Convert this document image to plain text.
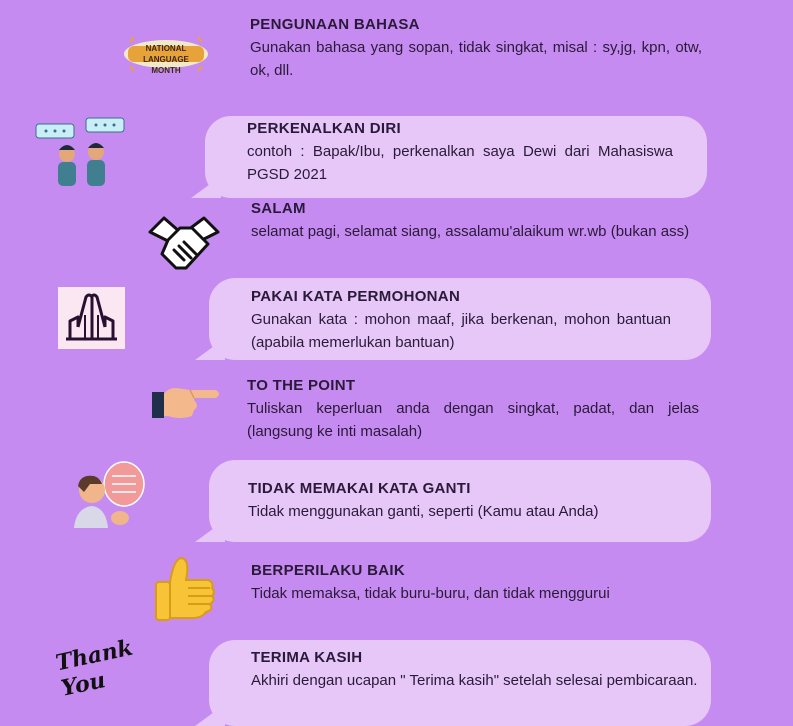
PENGUNAAN BAHASA
Gunakan bahasa yang sopan, tidak singkat, misal : sy,jg, kpn, otw, ok, dll.
NATIONAL LANGUAGE MONTH
PERKENALKAN DIRI
contoh : Bapak/Ibu, perkenalkan saya Dewi dari Mahasiswa PGSD 2021
SALAM
selamat pagi, selamat siang, assalamu'alaikum wr.wb (bukan ass)
PAKAI KATA PERMOHONAN
Gunakan kata : mohon maaf, jika berkenan, mohon bantuan (apabila memerlukan bantuan)
TO THE POINT
Tuliskan keperluan anda dengan singkat, padat, dan jelas (langsung ke inti masalah)
TIDAK MEMAKAI KATA GANTI
Tidak menggunakan ganti, seperti (Kamu atau Anda)
BERPERILAKU BAIK
Tidak memaksa, tidak buru-buru, dan tidak menggurui
TERIMA KASIH
Akhiri dengan ucapan " Terima kasih" setelah selesai pembicaraan.
Thank You
